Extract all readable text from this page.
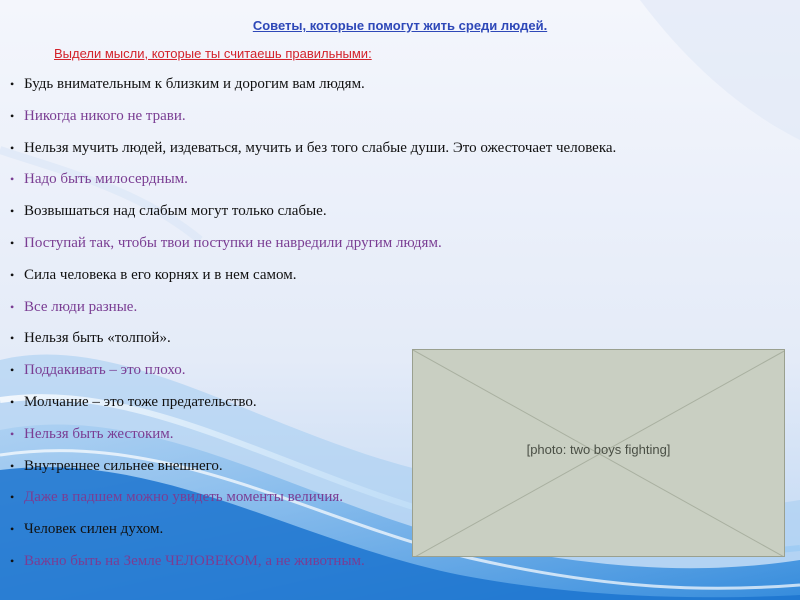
Советы, которые помогут жить среди людей.
Выдели мысли, которые ты считаешь правильными:
• Будь внимательным к близким и дорогим вам людям.
• Никогда никого не трави.
• Нельзя мучить людей, издеваться, мучить и без того слабые души. Это ожесточает человека.
• Надо быть милосердным.
• Возвышаться над слабым могут только слабые.
• Поступай так, чтобы твои поступки не навредили другим людям.
• Сила человека в его корнях и в нем самом.
• Все люди разные.
• Нельзя быть «толпой».
• Поддакивать – это плохо.
• Молчание – это тоже предательство.
• Нельзя быть жестоким.
• Внутреннее сильнее внешнего.
• Даже в падшем можно увидеть моменты величия.
• Человек силен духом.
• Важно быть на Земле ЧЕЛОВЕКОМ, а не животным.
[photo: two boys fighting]
